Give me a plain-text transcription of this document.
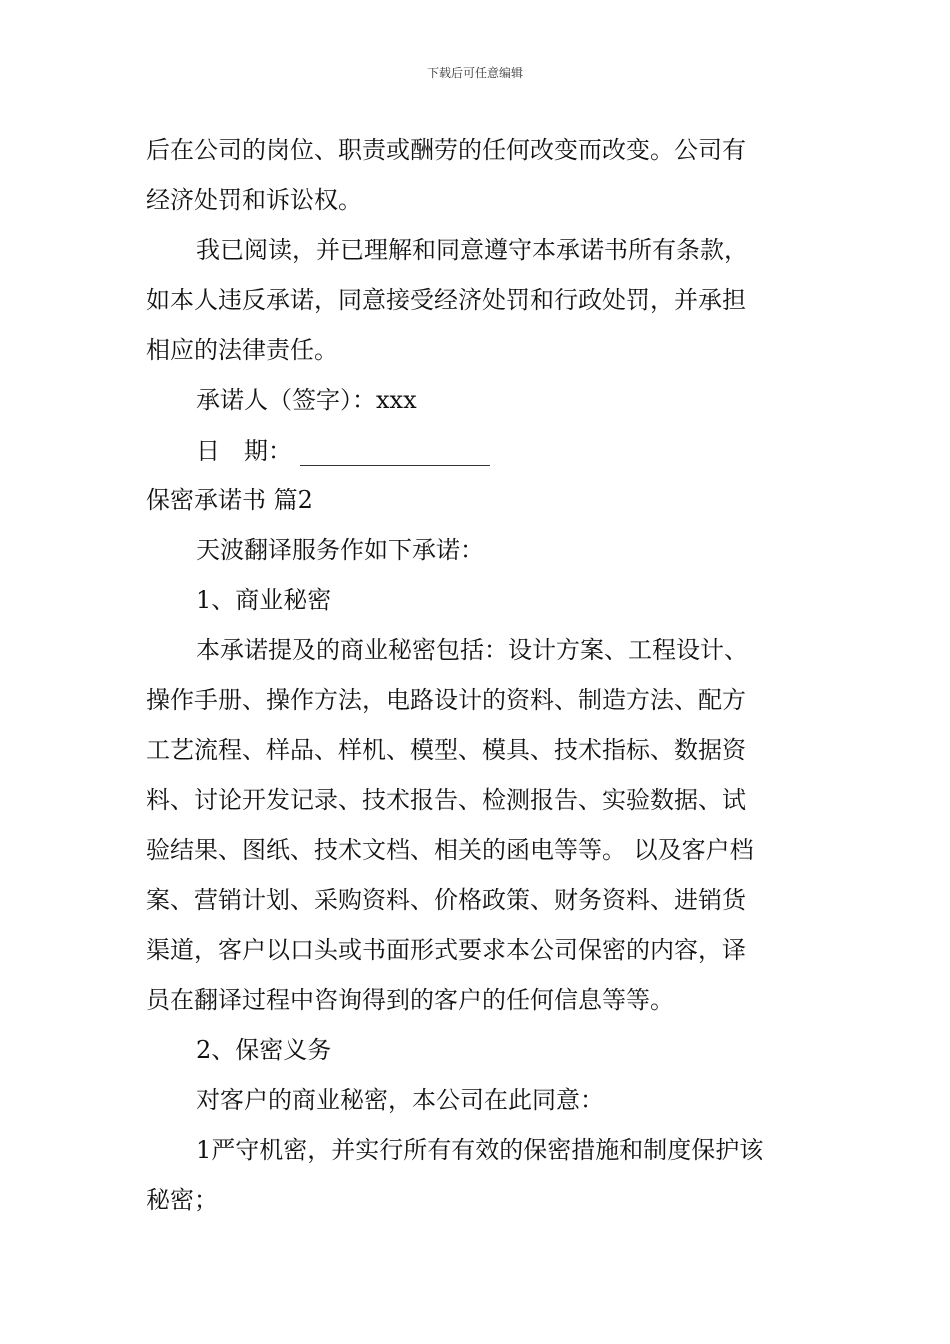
下载后可任意编辑
后在公司的岗位、职责或酬劳的任何改变而改变。公司有
经济处罚和诉讼权。
我已阅读，并已理解和同意遵守本承诺书所有条款，
如本人违反承诺，同意接受经济处罚和行政处罚，并承担
相应的法律责任。
承诺人（签字）：xxx
日　期：
保密承诺书 篇2
天波翻译服务作如下承诺：
1、商业秘密
本承诺提及的商业秘密包括：设计方案、工程设计、
操作手册、操作方法，电路设计的资料、制造方法、配方
工艺流程、样品、样机、模型、模具、技术指标、数据资
料、讨论开发记录、技术报告、检测报告、实验数据、试
验结果、图纸、技术文档、相关的函电等等。 以及客户档
案、营销计划、采购资料、价格政策、财务资料、进销货
渠道，客户以口头或书面形式要求本公司保密的内容，译
员在翻译过程中咨询得到的客户的任何信息等等。
2、保密义务
对客户的商业秘密，本公司在此同意：
1严守机密，并实行所有有效的保密措施和制度保护该
秘密；
